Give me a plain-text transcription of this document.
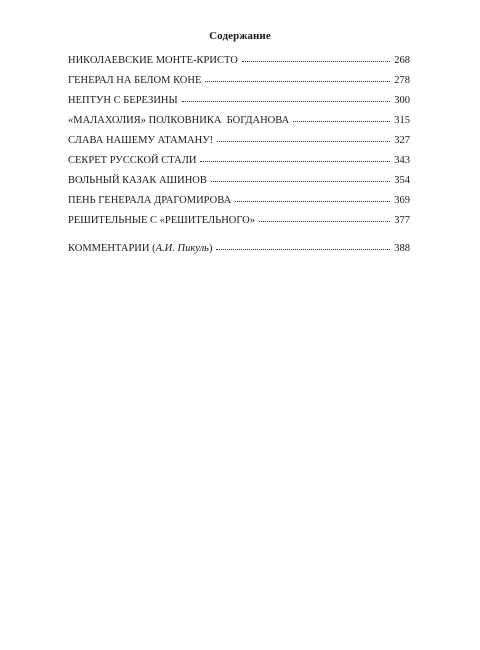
Содержание
НИКОЛАЕВСКИЕ МОНТЕ-КРИСТО	268
ГЕНЕРАЛ НА БЕЛОМ КОНЕ	278
НЕПТУН С БЕРЕЗИНЫ	300
«МАЛАХОЛИЯ» ПОЛКОВНИКА  БОГДАНОВА	315
СЛАВА НАШЕМУ АТАМАНУ!	327
СЕКРЕТ РУССКОЙ СТАЛИ	343
ВОЛЬНЫЙ КАЗАК АШИНОВ	354
ПЕНЬ ГЕНЕРАЛА ДРАГОМИРОВА	369
РЕШИТЕЛЬНЫЕ С «РЕШИТЕЛЬНОГО»	377
КОММЕНТАРИИ (А.И. Пикуль)	388
